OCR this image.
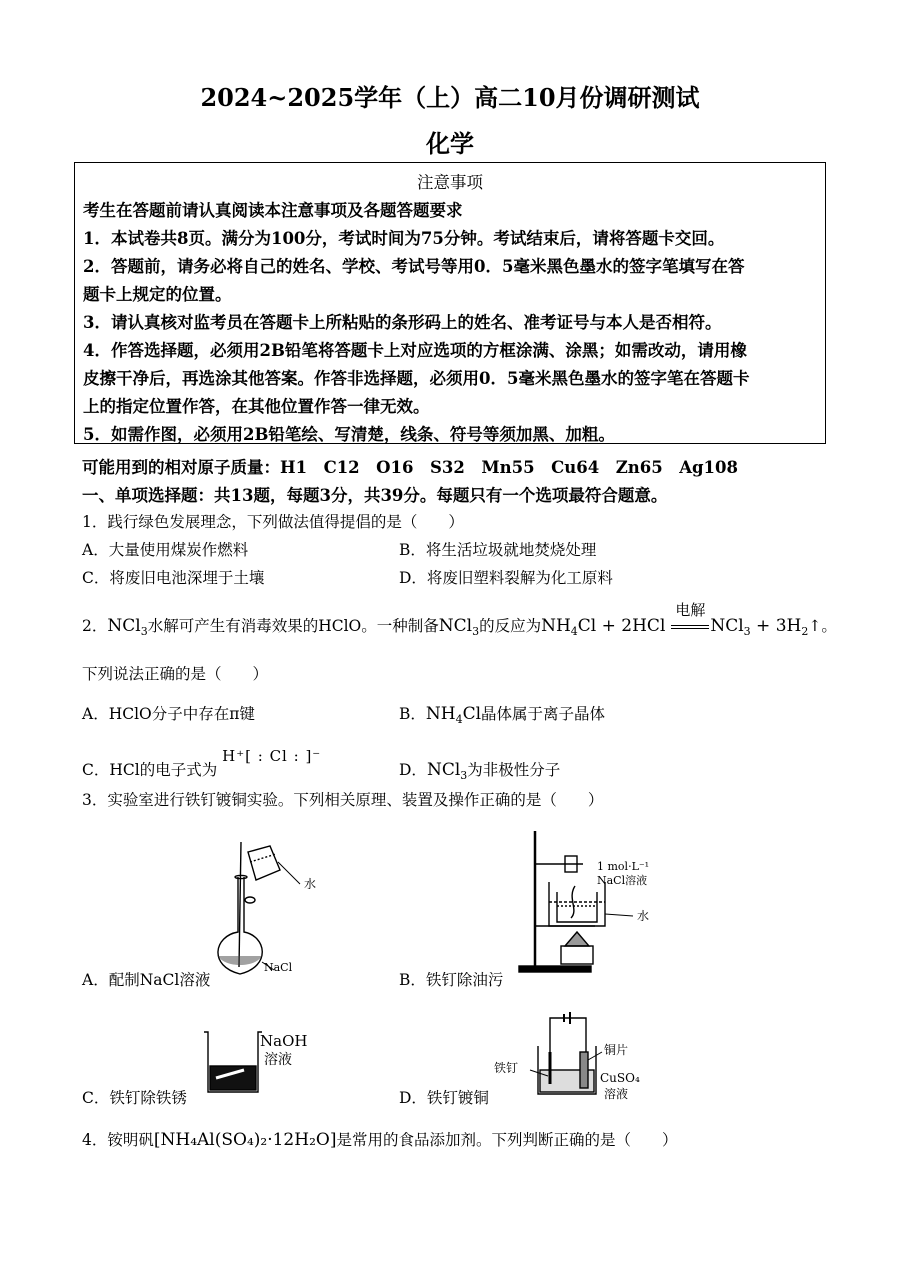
2024~2025学年（上）高二10月份调研测试
化学
注意事项
考生在答题前请认真阅读本注意事项及各题答题要求
1．本试卷共8页。满分为100分，考试时间为75分钟。考试结束后，请将答题卡交回。
2．答题前，请务必将自己的姓名、学校、考试号等用0．5毫米黑色墨水的签字笔填写在答
题卡上规定的位置。
3．请认真核对监考员在答题卡上所粘贴的条形码上的姓名、准考证号与本人是否相符。
4．作答选择题，必须用2B铅笔将答题卡上对应选项的方框涂满、涂黑；如需改动，请用橡
皮擦干净后，再选涂其他答案。作答非选择题，必须用0．5毫米黑色墨水的签字笔在答题卡
上的指定位置作答，在其他位置作答一律无效。
5．如需作图，必须用2B铅笔绘、写清楚，线条、符号等须加黑、加粗。
可能用到的相对原子质量：H1　C12　O16　S32　Mn55　Cu64　Zn65　Ag108
一、单项选择题：共13题，每题3分，共39分。每题只有一个选项最符合题意。
1．践行绿色发展理念，下列做法值得提倡的是（　　）
A．大量使用煤炭作燃料	B．将生活垃圾就地焚烧处理
C．将废旧电池深埋于土壤	D．将废旧塑料裂解为化工原料
2．NCl$_3$水解可产生有消毒效果的HClO。一种制备NCl$_3$的反应为$NH_4Cl + 2HCl$
电解
$NCl_3 + 3H_2↑$。
下列说法正确的是（　　）
A．HClO分子中存在π键	B．$NH_4Cl$晶体属于离子晶体
C．HCl的电子式为 H⁺[ : Cl : ]⁻
D．NCl$_3$为非极性分子
3．实验室进行铁钉镀铜实验。下列相关原理、装置及操作正确的是（　　）
水
NaCl
A．配制NaCl溶液
1 mol·L⁻¹
NaCl溶液
水
B．铁钉除油污
NaOH
溶液
C．铁钉除铁锈
铁钉
铜片
CuSO₄
溶液
D．铁钉镀铜
4．铵明矾[NH₄Al(SO₄)₂·12H₂O]是常用的食品添加剂。下列判断正确的是（　　）
